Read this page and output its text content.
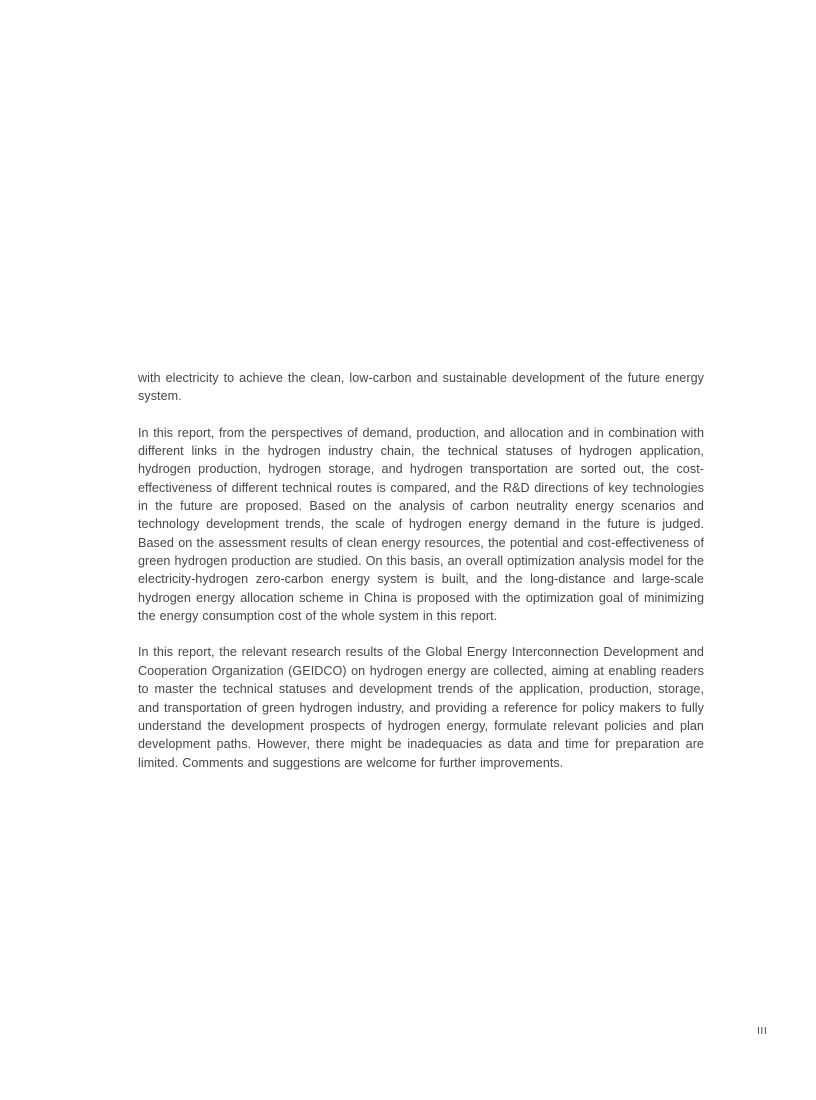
with electricity to achieve the clean, low-carbon and sustainable development of the future energy system.

In this report, from the perspectives of demand, production, and allocation and in combination with different links in the hydrogen industry chain, the technical statuses of hydrogen application, hydrogen production, hydrogen storage, and hydrogen transportation are sorted out, the cost-effectiveness of different technical routes is compared, and the R&D directions of key technologies in the future are proposed. Based on the analysis of carbon neutrality energy scenarios and technology development trends, the scale of hydrogen energy demand in the future is judged. Based on the assessment results of clean energy resources, the potential and cost-effectiveness of green hydrogen production are studied. On this basis, an overall optimization analysis model for the electricity-hydrogen zero-carbon energy system is built, and the long-distance and large-scale hydrogen energy allocation scheme in China is proposed with the optimization goal of minimizing the energy consumption cost of the whole system in this report.

In this report, the relevant research results of the Global Energy Interconnection Development and Cooperation Organization (GEIDCO) on hydrogen energy are collected, aiming at enabling readers to master the technical statuses and development trends of the application, production, storage, and transportation of green hydrogen industry, and providing a reference for policy makers to fully understand the development prospects of hydrogen energy, formulate relevant policies and plan development paths. However, there might be inadequacies as data and time for preparation are limited. Comments and suggestions are welcome for further improvements.

III
